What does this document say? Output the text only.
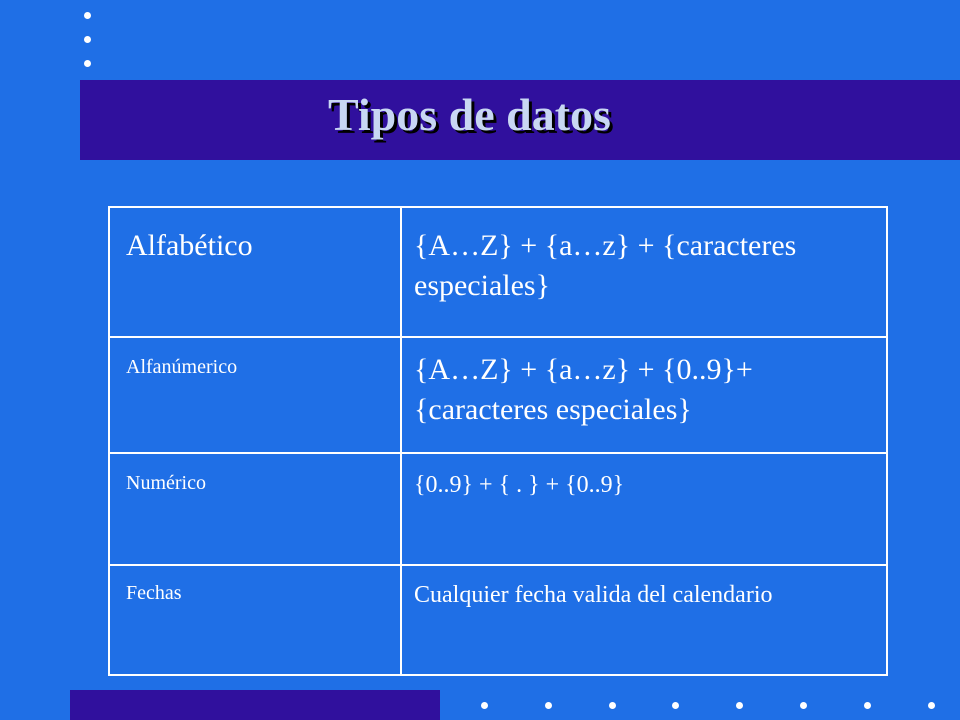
Tipos de datos
Alfabético	{A…Z} + {a…z} + {caracteres especiales}
Alfanúmerico	{A…Z} + {a…z} + {0..9}+ {caracteres especiales}
Numérico	{0..9} + { . } + {0..9}
Fechas	Cualquier fecha valida del calendario
